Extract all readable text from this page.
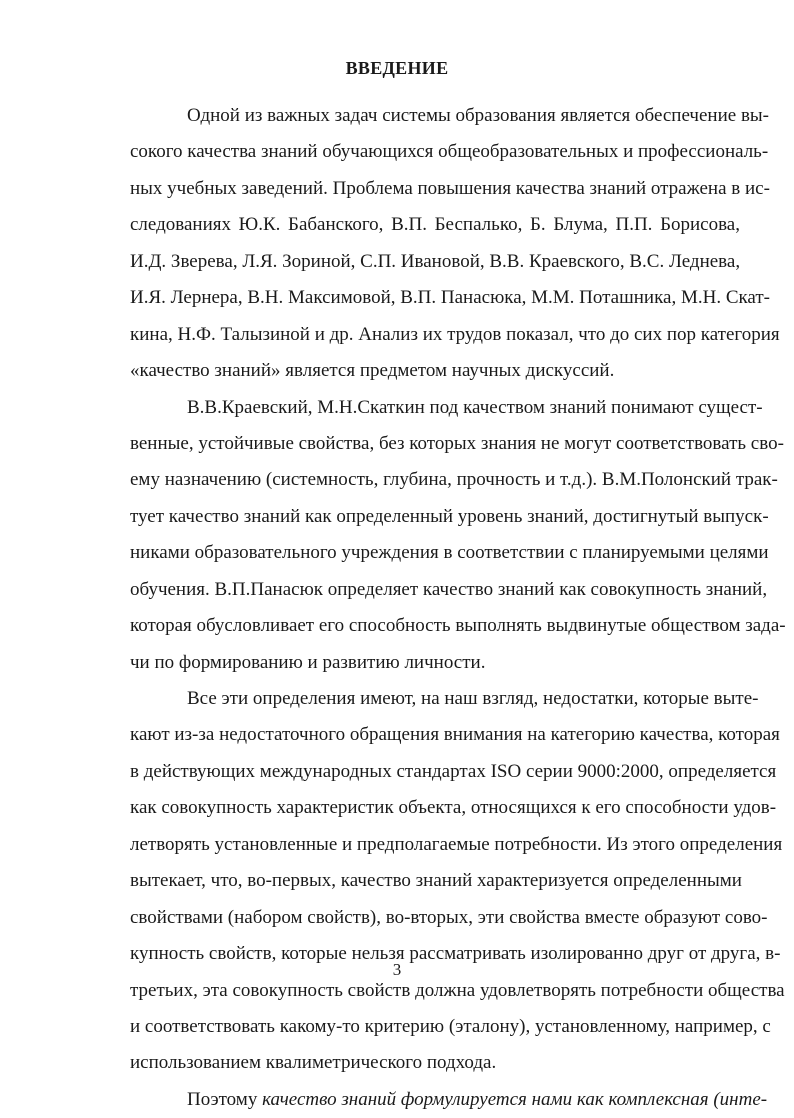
ВВЕДЕНИЕ
Одной из важных задач системы образования является обеспечение вы-
сокого качества знаний обучающихся общеобразовательных и профессиональ-
ных учебных заведений. Проблема повышения качества знаний отражена в ис-
следованиях Ю.К. Бабанского, В.П. Беспалько, Б. Блума, П.П. Борисова,
И.Д. Зверева, Л.Я. Зориной, С.П. Ивановой, В.В. Краевского, В.С. Леднева,
И.Я. Лернера, В.Н. Максимовой, В.П. Панасюка, М.М. Поташника, М.Н. Скат-
кина, Н.Ф. Талызиной и др. Анализ их трудов показал, что до сих пор категория
«качество знаний» является предметом научных дискуссий.
В.В.Краевский, М.Н.Скаткин под качеством знаний понимают сущест-
венные, устойчивые свойства, без которых знания не могут соответствовать сво-
ему назначению (системность, глубина, прочность и т.д.). В.М.Полонский трак-
тует качество знаний как определенный уровень знаний, достигнутый выпуск-
никами образовательного учреждения в соответствии с планируемыми целями
обучения. В.П.Панасюк определяет качество знаний как совокупность знаний,
которая обусловливает его способность выполнять выдвинутые обществом зада-
чи по формированию и развитию личности.
Все эти определения имеют, на наш взгляд, недостатки, которые выте-
кают из-за недостаточного обращения внимания на категорию качества, которая
в действующих международных стандартах ISO серии 9000:2000, определяется
как совокупность характеристик объекта, относящихся к его способности удов-
летворять установленные и предполагаемые потребности. Из этого определения
вытекает, что, во-первых, качество знаний характеризуется определенными
свойствами (набором свойств), во-вторых, эти свойства вместе образуют сово-
купность свойств, которые нельзя рассматривать изолированно друг от друга, в-
третьих, эта совокупность свойств должна удовлетворять потребности общества
и соответствовать какому-то критерию (эталону), установленному, например, с
использованием квалиметрического подхода.
Поэтому качество знаний формулируется нами как комплексная (инте-
3
